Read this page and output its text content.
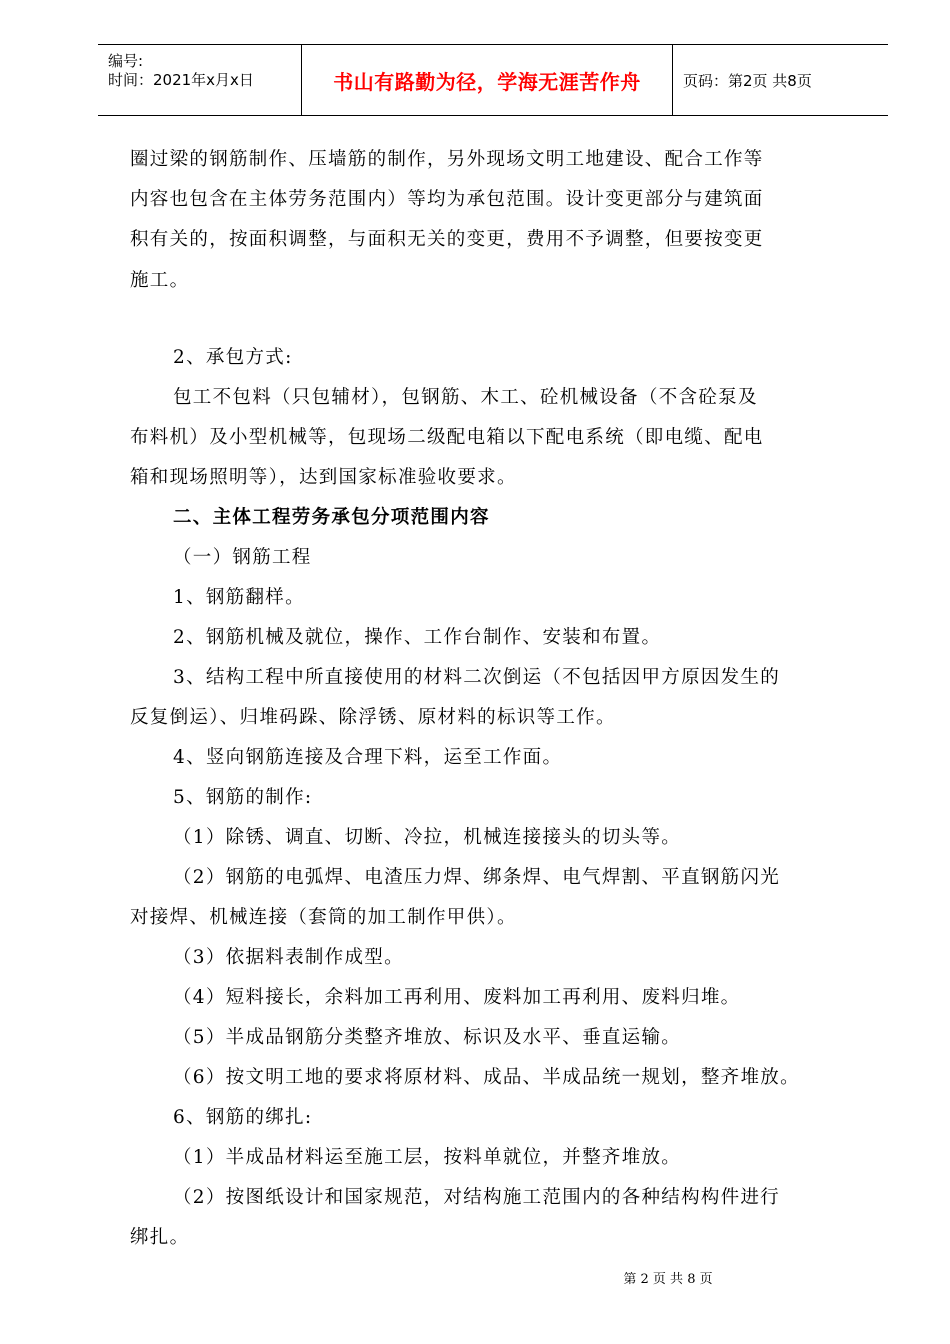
编号:
时间：2021年x月x日	书山有路勤为径，学海无涯苦作舟	页码：第2页 共8页
圈过梁的钢筋制作、压墙筋的制作，另外现场文明工地建设、配合工作等
内容也包含在主体劳务范围内）等均为承包范围。设计变更部分与建筑面
积有关的，按面积调整，与面积无关的变更，费用不予调整，但要按变更
施工。
2、承包方式:
包工不包料（只包辅材），包钢筋、木工、砼机械设备（不含砼泵及
布料机）及小型机械等，包现场二级配电箱以下配电系统（即电缆、配电
箱和现场照明等），达到国家标准验收要求。
二、主体工程劳务承包分项范围内容
（一）钢筋工程
1、钢筋翻样。
2、钢筋机械及就位，操作、工作台制作、安装和布置。
3、结构工程中所直接使用的材料二次倒运（不包括因甲方原因发生的
反复倒运）、归堆码跺、除浮锈、原材料的标识等工作。
4、竖向钢筋连接及合理下料，运至工作面。
5、钢筋的制作:
（1）除锈、调直、切断、冷拉，机械连接接头的切头等。
（2）钢筋的电弧焊、电渣压力焊、绑条焊、电气焊割、平直钢筋闪光
对接焊、机械连接（套筒的加工制作甲供）。
（3）依据料表制作成型。
（4）短料接长，余料加工再利用、废料加工再利用、废料归堆。
（5）半成品钢筋分类整齐堆放、标识及水平、垂直运输。
（6）按文明工地的要求将原材料、成品、半成品统一规划，整齐堆放。
6、钢筋的绑扎:
（1）半成品材料运至施工层，按料单就位，并整齐堆放。
（2）按图纸设计和国家规范，对结构施工范围内的各种结构构件进行
绑扎。
第 2 页 共 8 页
